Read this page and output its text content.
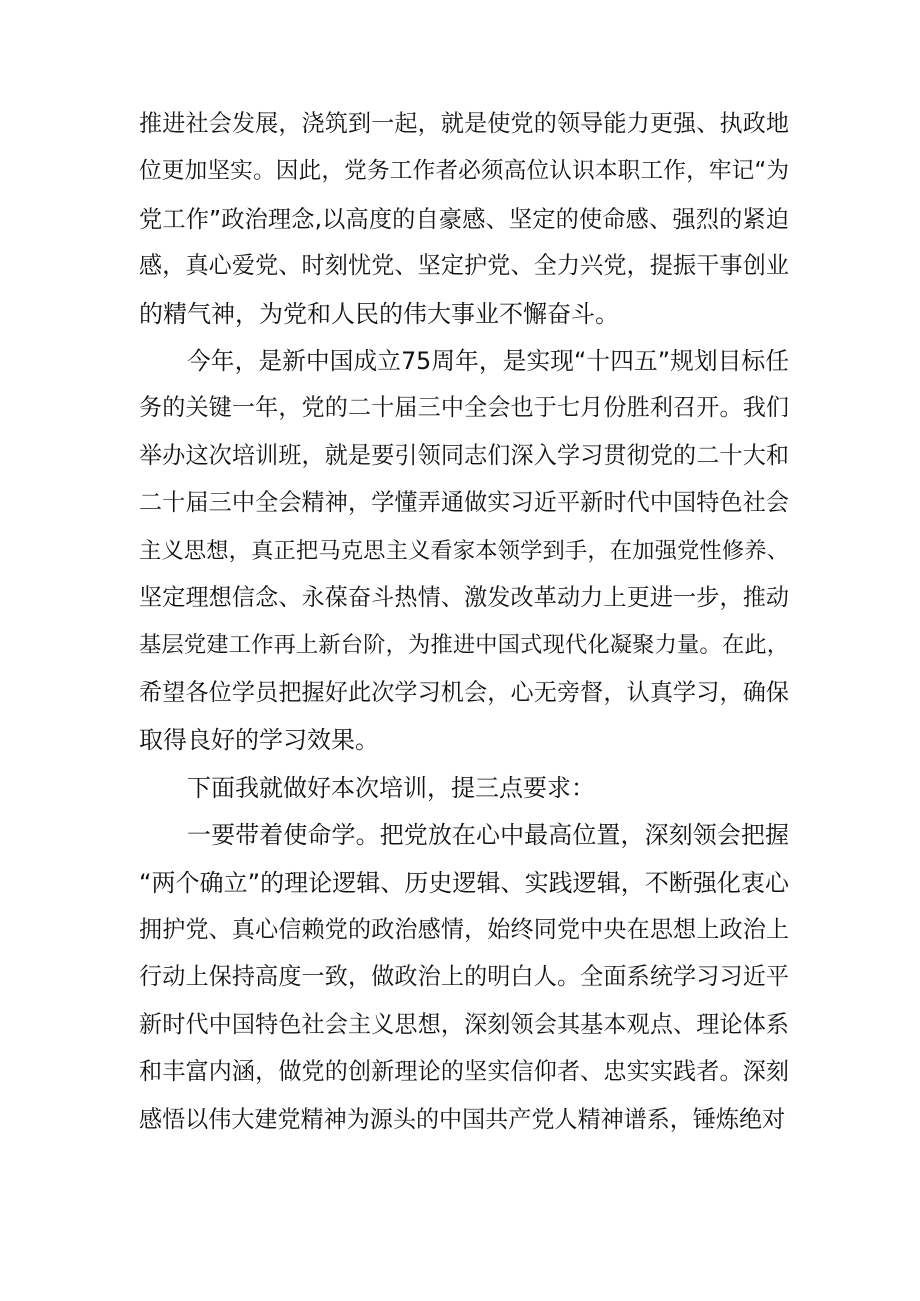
推进社会发展，浇筑到一起，就是使党的领导能力更强、执政地
位更加坚实。因此，党务工作者必须高位认识本职工作，牢记“为
党工作”政治理念,以高度的自豪感、坚定的使命感、强烈的紧迫
感，真心爱党、时刻忧党、坚定护党、全力兴党，提振干事创业
的精气神，为党和人民的伟大事业不懈奋斗。

今年，是新中国成立75周年，是实现“十四五”规划目标任
务的关键一年，党的二十届三中全会也于七月份胜利召开。我们
举办这次培训班，就是要引领同志们深入学习贯彻党的二十大和
二十届三中全会精神，学懂弄通做实习近平新时代中国特色社会
主义思想，真正把马克思主义看家本领学到手，在加强党性修养、
坚定理想信念、永葆奋斗热情、激发改革动力上更进一步，推动
基层党建工作再上新台阶，为推进中国式现代化凝聚力量。在此，
希望各位学员把握好此次学习机会，心无旁督，认真学习，确保
取得良好的学习效果。

下面我就做好本次培训，提三点要求：

一要带着使命学。把党放在心中最高位置，深刻领会把握
“两个确立”的理论逻辑、历史逻辑、实践逻辑，不断强化衷心
拥护党、真心信赖党的政治感情，始终同党中央在思想上政治上
行动上保持高度一致，做政治上的明白人。全面系统学习习近平
新时代中国特色社会主义思想，深刻领会其基本观点、理论体系
和丰富内涵，做党的创新理论的坚实信仰者、忠实实践者。深刻
感悟以伟大建党精神为源头的中国共产党人精神谱系，锤炼绝对
